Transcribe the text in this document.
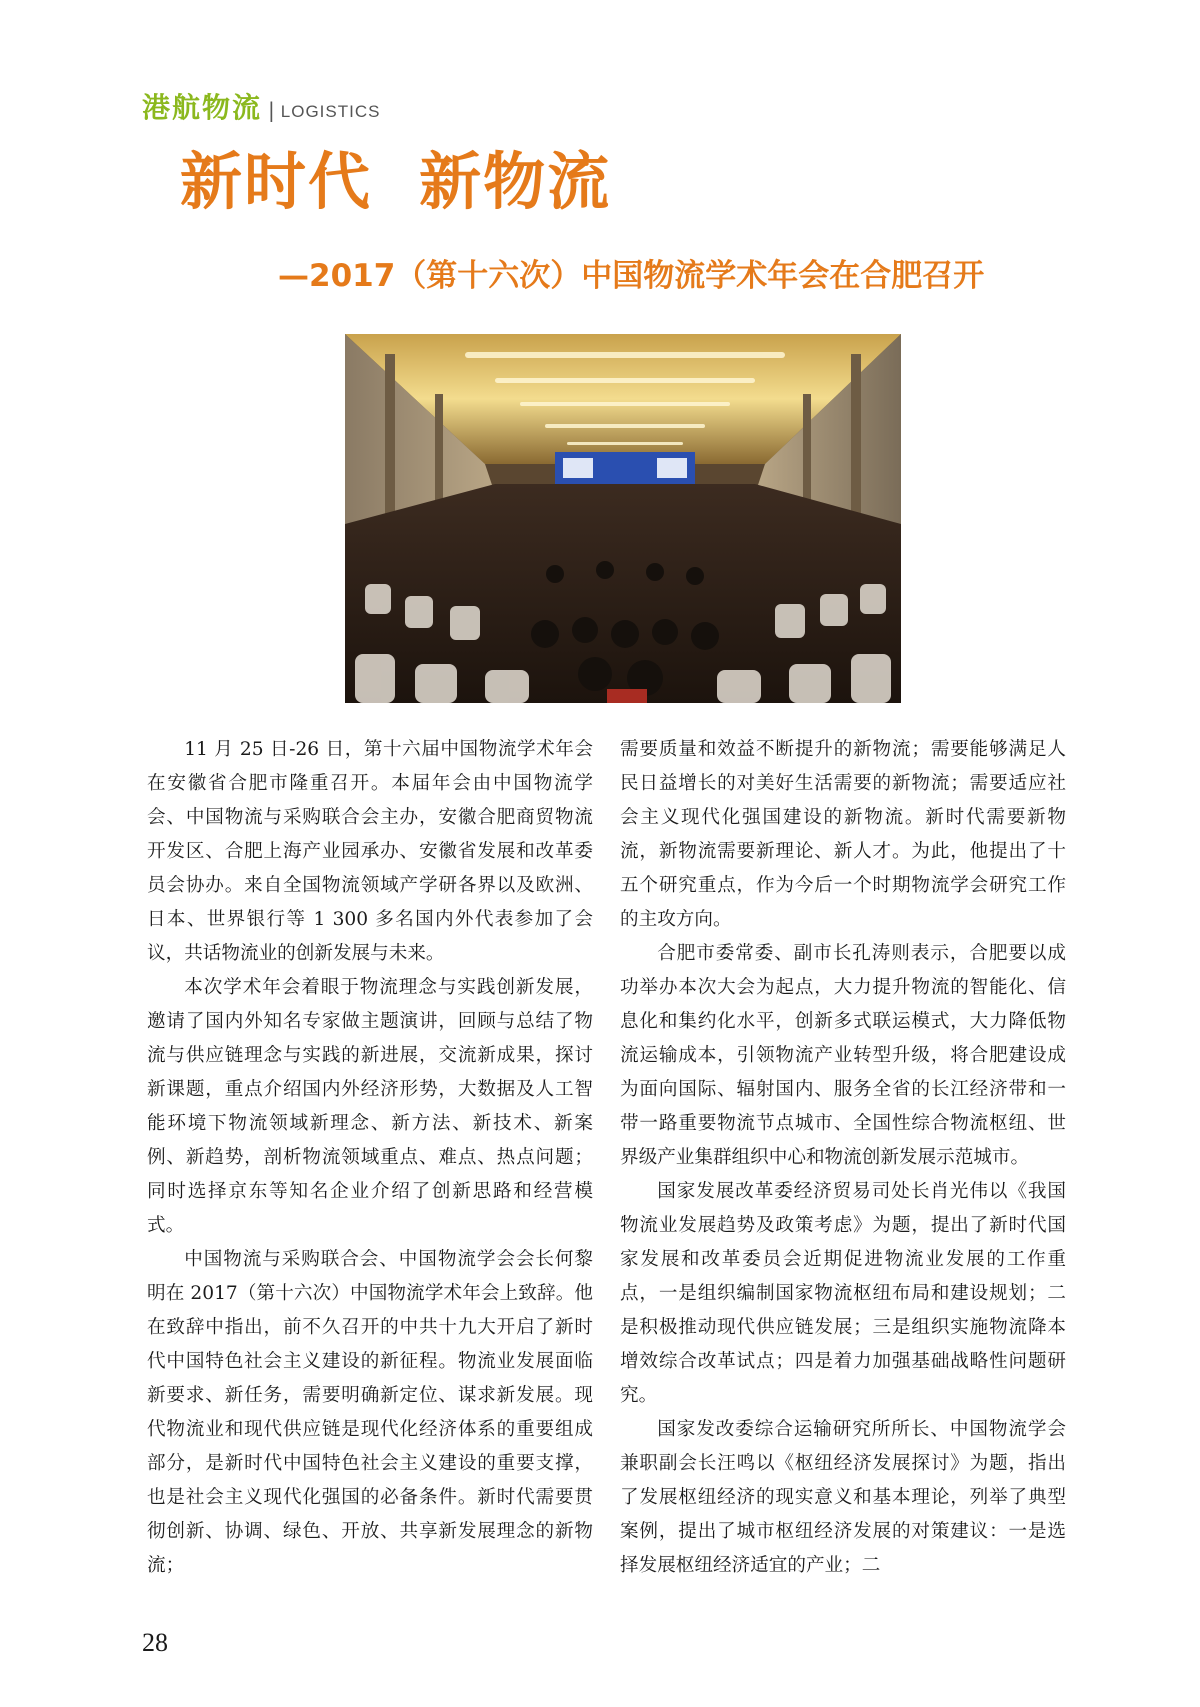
港航物流 | LOGISTICS
新时代  新物流
—2017（第十六次）中国物流学术年会在合肥召开

11 月 25 日-26 日，第十六届中国物流学术年会在安徽省合肥市隆重召开。本届年会由中国物流学会、中国物流与采购联合会主办，安徽合肥商贸物流开发区、合肥上海产业园承办、安徽省发展和改革委员会协办。来自全国物流领域产学研各界以及欧洲、日本、世界银行等 1 300 多名国内外代表参加了会议，共话物流业的创新发展与未来。

本次学术年会着眼于物流理念与实践创新发展，邀请了国内外知名专家做主题演讲，回顾与总结了物流与供应链理念与实践的新进展，交流新成果，探讨新课题，重点介绍国内外经济形势，大数据及人工智能环境下物流领域新理念、新方法、新技术、新案例、新趋势，剖析物流领域重点、难点、热点问题；同时选择京东等知名企业介绍了创新思路和经营模式。

中国物流与采购联合会、中国物流学会会长何黎明在 2017（第十六次）中国物流学术年会上致辞。他在致辞中指出，前不久召开的中共十九大开启了新时代中国特色社会主义建设的新征程。物流业发展面临新要求、新任务，需要明确新定位、谋求新发展。现代物流业和现代供应链是现代化经济体系的重要组成部分，是新时代中国特色社会主义建设的重要支撑，也是社会主义现代化强国的必备条件。新时代需要贯彻创新、协调、绿色、开放、共享新发展理念的新物流；

需要质量和效益不断提升的新物流；需要能够满足人民日益增长的对美好生活需要的新物流；需要适应社会主义现代化强国建设的新物流。新时代需要新物流，新物流需要新理论、新人才。为此，他提出了十五个研究重点，作为今后一个时期物流学会研究工作的主攻方向。

合肥市委常委、副市长孔涛则表示，合肥要以成功举办本次大会为起点，大力提升物流的智能化、信息化和集约化水平，创新多式联运模式，大力降低物流运输成本，引领物流产业转型升级，将合肥建设成为面向国际、辐射国内、服务全省的长江经济带和一带一路重要物流节点城市、全国性综合物流枢纽、世界级产业集群组织中心和物流创新发展示范城市。

国家发展改革委经济贸易司处长肖光伟以《我国物流业发展趋势及政策考虑》为题，提出了新时代国家发展和改革委员会近期促进物流业发展的工作重点，一是组织编制国家物流枢纽布局和建设规划；二是积极推动现代供应链发展；三是组织实施物流降本增效综合改革试点；四是着力加强基础战略性问题研究。

国家发改委综合运输研究所所长、中国物流学会兼职副会长汪鸣以《枢纽经济发展探讨》为题，指出了发展枢纽经济的现实意义和基本理论，列举了典型案例，提出了城市枢纽经济发展的对策建议：一是选择发展枢纽经济适宜的产业；二

28
